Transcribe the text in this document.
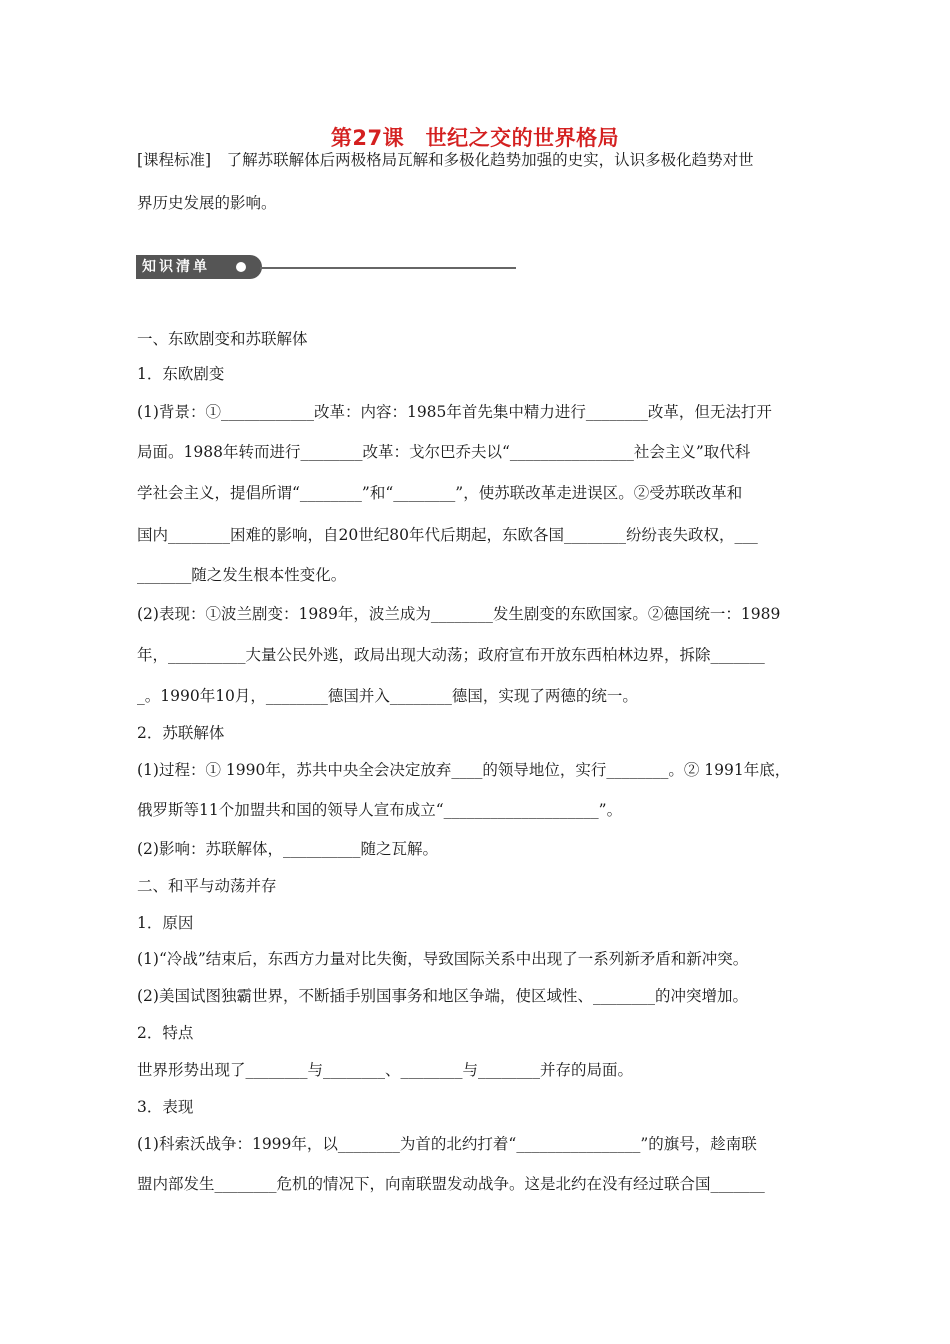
第27课　世纪之交的世界格局
[课程标准]　了解苏联解体后两极格局瓦解和多极化趋势加强的史实，认识多极化趋势对世
界历史发展的影响。
知识清单
一、东欧剧变和苏联解体
1．东欧剧变
(1)背景：①____________改革：内容：1985年首先集中精力进行________改革，但无法打开
局面。1988年转而进行________改革：戈尔巴乔夫以“________________社会主义”取代科
学社会主义，提倡所谓“________”和“________”，使苏联改革走进误区。②受苏联改革和
国内________困难的影响，自20世纪80年代后期起，东欧各国________纷纷丧失政权，___
_______随之发生根本性变化。
(2)表现：①波兰剧变：1989年，波兰成为________发生剧变的东欧国家。②德国统一：1989
年，__________大量公民外逃，政局出现大动荡；政府宣布开放东西柏林边界，拆除_______
_。1990年10月，________德国并入________德国，实现了两德的统一。
2．苏联解体
(1)过程：① 1990年，苏共中央全会决定放弃____的领导地位，实行________。② 1991年底，
俄罗斯等11个加盟共和国的领导人宣布成立“____________________”。
(2)影响：苏联解体，__________随之瓦解。
二、和平与动荡并存
1．原因
(1)“冷战”结束后，东西方力量对比失衡，导致国际关系中出现了一系列新矛盾和新冲突。
(2)美国试图独霸世界，不断插手别国事务和地区争端，使区域性、________的冲突增加。
2．特点
世界形势出现了________与________、________与________并存的局面。
3．表现
(1)科索沃战争：1999年，以________为首的北约打着“________________”的旗号，趁南联
盟内部发生________危机的情况下，向南联盟发动战争。这是北约在没有经过联合国_______
